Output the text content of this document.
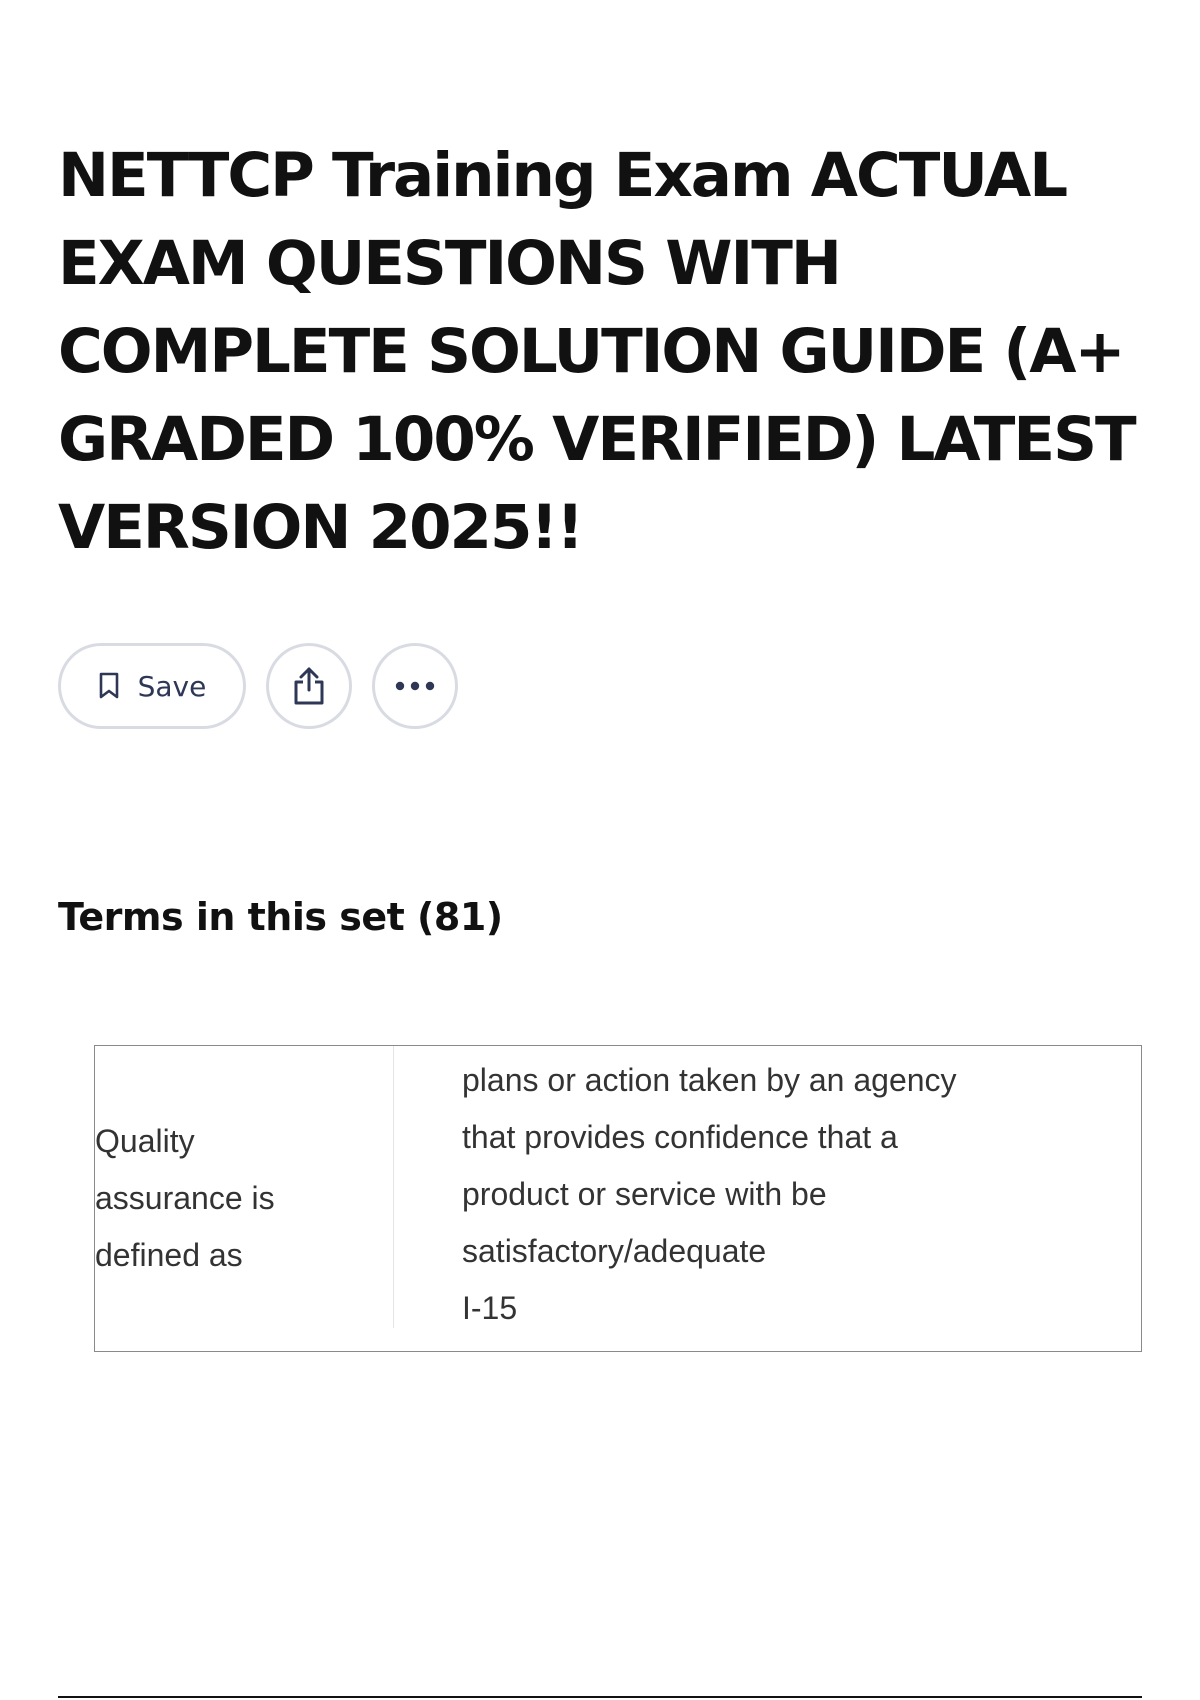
NETTCP Training Exam ACTUAL EXAM QUESTIONS WITH COMPLETE SOLUTION GUIDE (A+ GRADED 100% VERIFIED) LATEST VERSION 2025!!
Save
Terms in this set (81)
Quality
assurance is
defined as
plans or action taken by an agency
that provides confidence that a
product or service with be
satisfactory/adequate
I-15
